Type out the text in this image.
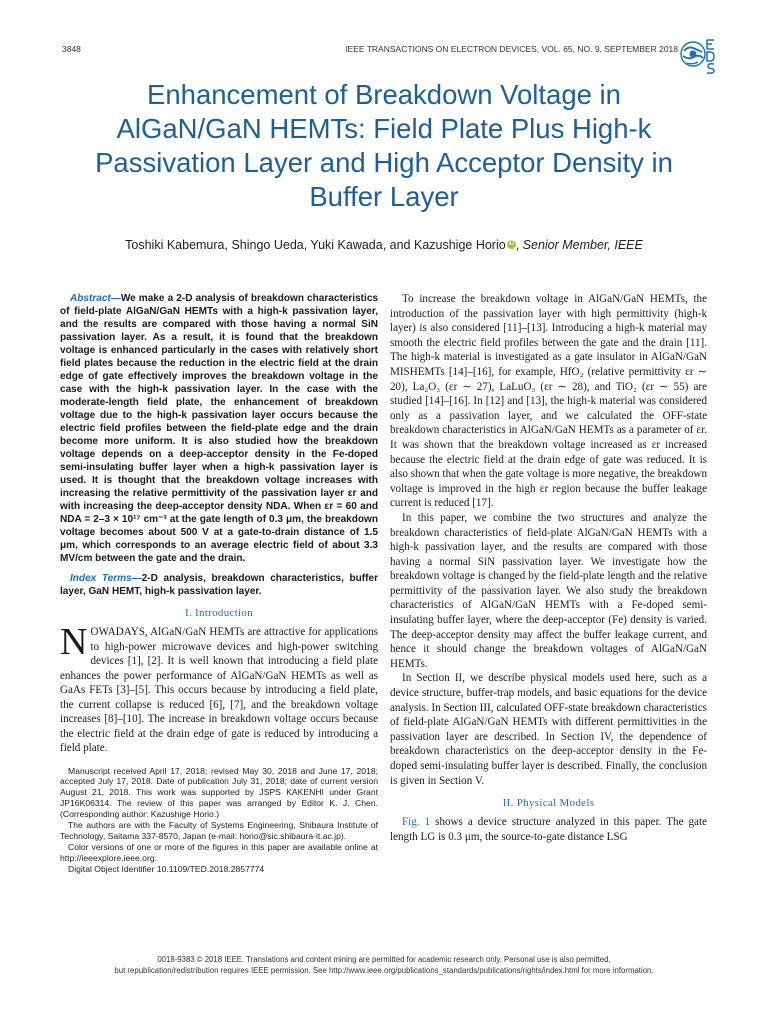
3848	IEEE TRANSACTIONS ON ELECTRON DEVICES, VOL. 65, NO. 9, SEPTEMBER 2018
Enhancement of Breakdown Voltage in AlGaN/GaN HEMTs: Field Plate Plus High-k Passivation Layer and High Acceptor Density in Buffer Layer
Toshiki Kabemura, Shingo Ueda, Yuki Kawada, and Kazushige Horio iD , Senior Member, IEEE

Abstract—We make a 2-D analysis of breakdown characteristics of field-plate AlGaN/GaN HEMTs with a high-k passivation layer, and the results are compared with those having a normal SiN passivation layer. As a result, it is found that the breakdown voltage is enhanced particularly in the cases with relatively short field plates because the reduction in the electric field at the drain edge of gate effectively improves the breakdown voltage in the case with the high-k passivation layer. In the case with the moderate-length field plate, the enhancement of breakdown voltage due to the high-k passivation layer occurs because the electric field profiles between the field-plate edge and the drain become more uniform. It is also studied how the breakdown voltage depends on a deep-acceptor density in the Fe-doped semi-insulating buffer layer when a high-k passivation layer is used. It is thought that the breakdown voltage increases with increasing the relative permittivity of the passivation layer εr and with increasing the deep-acceptor density NDA. When εr = 60 and NDA = 2–3 × 10¹⁷ cm⁻³ at the gate length of 0.3 μm, the breakdown voltage becomes about 500 V at a gate-to-drain distance of 1.5 μm, which corresponds to an average electric field of about 3.3 MV/cm between the gate and the drain.

Index Terms—2-D analysis, breakdown characteristics, buffer layer, GaN HEMT, high-k passivation layer.

I. Introduction

NOWADAYS, AlGaN/GaN HEMTs are attractive for applications to high-power microwave devices and high-power switching devices [1], [2]. It is well known that introducing a field plate enhances the power performance of AlGaN/GaN HEMTs as well as GaAs FETs [3]–[5]. This occurs because by introducing a field plate, the current collapse is reduced [6], [7], and the breakdown voltage increases [8]–[10]. The increase in breakdown voltage occurs because the electric field at the drain edge of gate is reduced by introducing a field plate.

Manuscript received April 17, 2018; revised May 30, 2018 and June 17, 2018; accepted July 17, 2018. Date of publication July 31, 2018; date of current version August 21, 2018. This work was supported by JSPS KAKENHI under Grant JP16K06314. The review of this paper was arranged by Editor K. J. Chen. (Corresponding author: Kazushige Horio.)

The authors are with the Faculty of Systems Engineering, Shibaura Institute of Technology, Saitama 337-8570, Japan (e-mail: horio@sic.shibaura-it.ac.jp).

Color versions of one or more of the figures in this paper are available online at http://ieeexplore.ieee.org.

Digital Object Identifier 10.1109/TED.2018.2857774

To increase the breakdown voltage in AlGaN/GaN HEMTs, the introduction of the passivation layer with high permittivity (high-k layer) is also considered [11]–[13]. Introducing a high-k material may smooth the electric field profiles between the gate and the drain [11]. The high-k material is investigated as a gate insulator in AlGaN/GaN MISHEMTs [14]–[16], for example, HfO₂ (relative permittivity εr ∼ 20), La₂O₃ (εr ∼ 27), LaLuO₃ (εr ∼ 28), and TiO₂ (εr ∼ 55) are studied [14]–[16]. In [12] and [13], the high-k material was considered only as a passivation layer, and we calculated the OFF-state breakdown characteristics in AlGaN/GaN HEMTs as a parameter of εr. It was shown that the breakdown voltage increased as εr increased because the electric field at the drain edge of gate was reduced. It is also shown that when the gate voltage is more negative, the breakdown voltage is improved in the high εr region because the buffer leakage current is reduced [17].

In this paper, we combine the two structures and analyze the breakdown characteristics of field-plate AlGaN/GaN HEMTs with a high-k passivation layer, and the results are compared with those having a normal SiN passivation layer. We investigate how the breakdown voltage is changed by the field-plate length and the relative permittivity of the passivation layer. We also study the breakdown characteristics of AlGaN/GaN HEMTs with a Fe-doped semi-insulating buffer layer, where the deep-acceptor (Fe) density is varied. The deep-acceptor density may affect the buffer leakage current, and hence it should change the breakdown voltages of AlGaN/GaN HEMTs.

In Section II, we describe physical models used here, such as a device structure, buffer-trap models, and basic equations for the device analysis. In Section III, calculated OFF-state breakdown characteristics of field-plate AlGaN/GaN HEMTs with different permittivities in the passivation layer are described. In Section IV, the dependence of breakdown characteristics on the deep-acceptor density in the Fe-doped semi-insulating buffer layer is described. Finally, the conclusion is given in Section V.

II. Physical Models

Fig. 1 shows a device structure analyzed in this paper. The gate length LG is 0.3 μm, the source-to-gate distance LSG

0018-9383 © 2018 IEEE. Translations and content mining are permitted for academic research only. Personal use is also permitted,
but republication/redistribution requires IEEE permission. See http://www.ieee.org/publications_standards/publications/rights/index.html for more information.
